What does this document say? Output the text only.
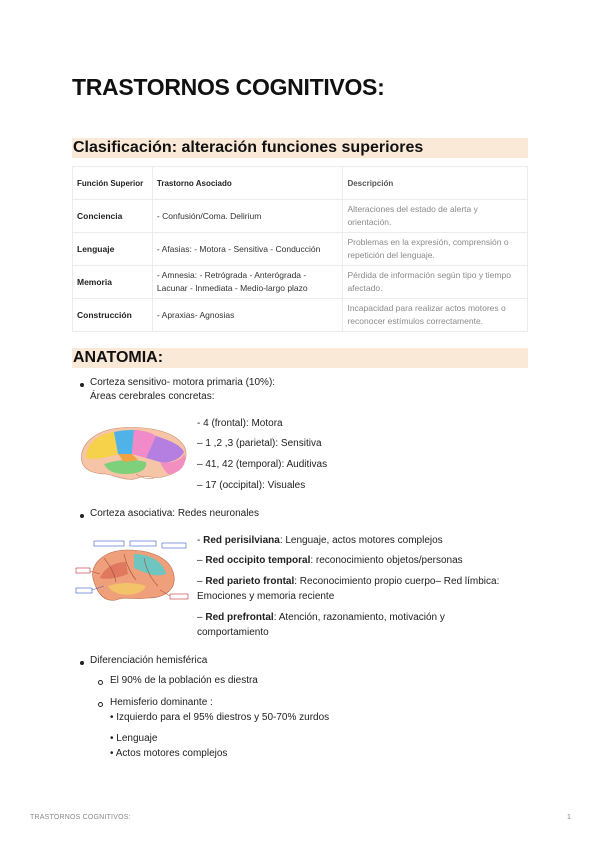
TRASTORNOS COGNITIVOS:
Clasificación: alteración funciones superiores
Función Superior	Trastorno Asociado	Descripción
Conciencia	- Confusión/Coma. Delirium	Alteraciones del estado de alerta y orientación.
Lenguaje	- Afasias: - Motora - Sensitiva - Conducción	Problemas en la expresión, comprensión o repetición del lenguaje.
Memoria	- Amnesia: - Retrógrada - Anterógrada - Lacunar - Inmediata - Medio-largo plazo	Pérdida de información según tipo y tiempo afectado.
Construcción	- Apraxias- Agnosias	Incapacidad para realizar actos motores o reconocer estímulos correctamente.
ANATOMIA:
Corteza sensitivo- motora primaria (10%):
Áreas cerebrales concretas:
- 4 (frontal): Motora
– 1 ,2 ,3 (parietal): Sensitiva
– 41, 42 (temporal): Auditivas
– 17 (occipital): Visuales
Corteza asociativa: Redes neuronales
- Red perisilviana: Lenguaje, actos motores complejos
– Red occipito temporal: reconocimiento objetos/personas
– Red parieto frontal: Reconocimiento propio cuerpo– Red límbica:
Emociones y memoria reciente
– Red prefrontal: Atención, razonamiento, motivación y
comportamiento
Diferenciación hemisférica
El 90% de la población es diestra
Hemisferio dominante :
• Izquierdo para el 95% diestros y 50-70% zurdos
• Lenguaje
• Actos motores complejos
TRASTORNOS COGNITIVOS:	1
